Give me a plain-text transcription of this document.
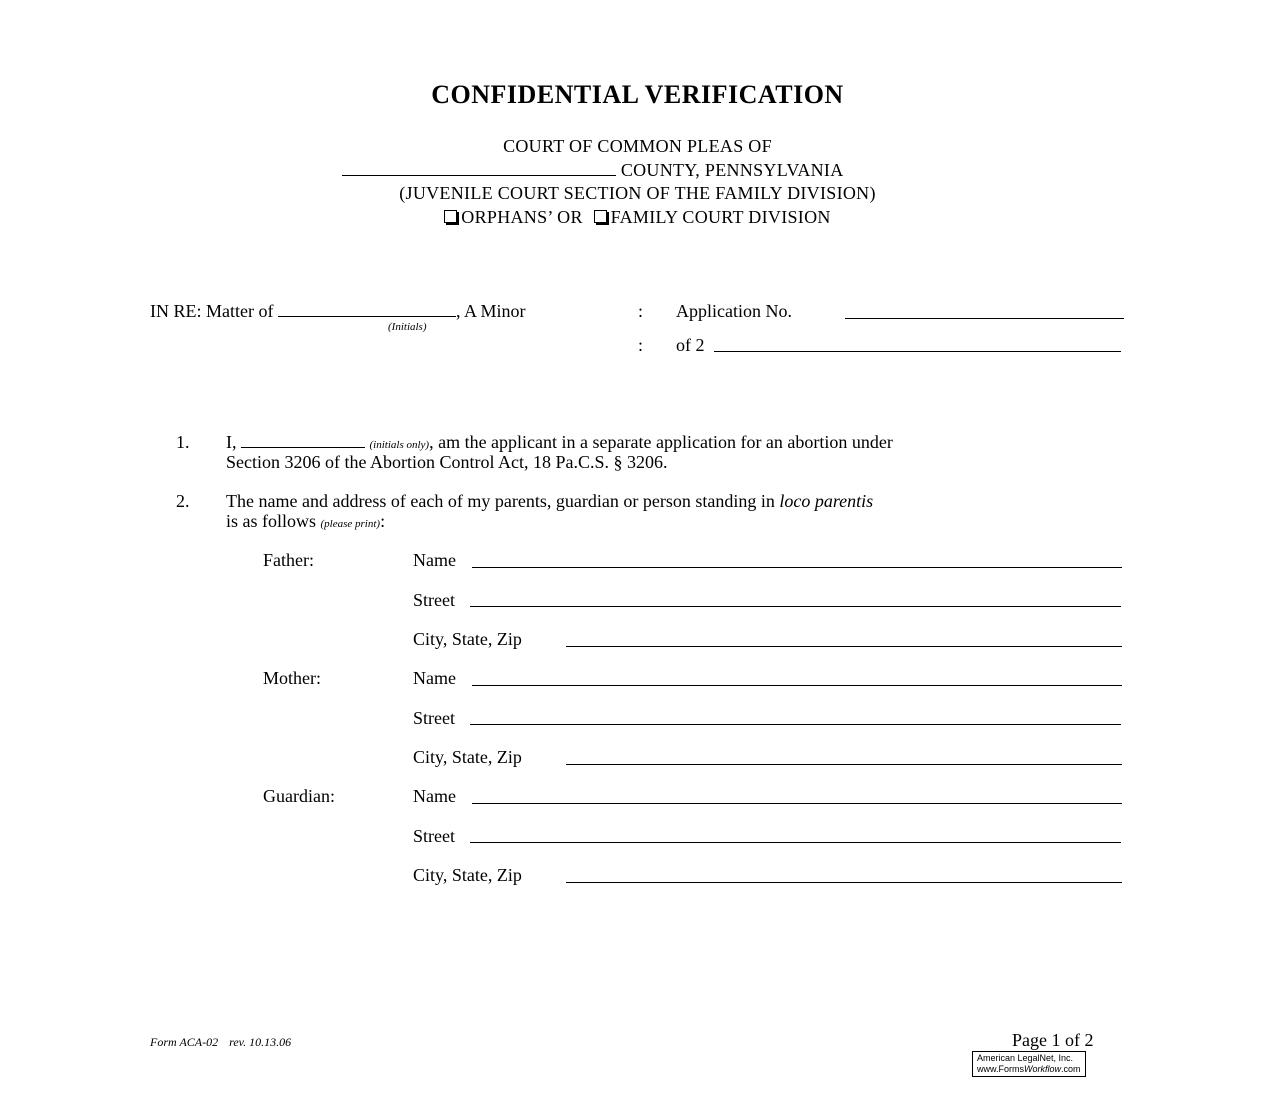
CONFIDENTIAL VERIFICATION
COURT OF COMMON PLEAS OF
COUNTY, PENNSYLVANIA
(JUVENILE COURT SECTION OF THE FAMILY DIVISION)
ORPHANS’ OR FAMILY COURT DIVISION
IN RE: Matter of	, A Minor
(Initials)
: Application No.
: of 2
1. I,	(initials only), am the applicant in a separate application for an abortion under
Section 3206 of the Abortion Control Act, 18 Pa.C.S. § 3206.
2. The name and address of each of my parents, guardian or person standing in loco parentis
is as follows (please print):
Father:	Name
Street
City, State, Zip
Mother:	Name
Street
City, State, Zip
Guardian:	Name
Street
City, State, Zip
Form ACA-02 rev. 10.13.06	Page 1 of 2
American LegalNet, Inc.
www.FormsWorkflow.com
